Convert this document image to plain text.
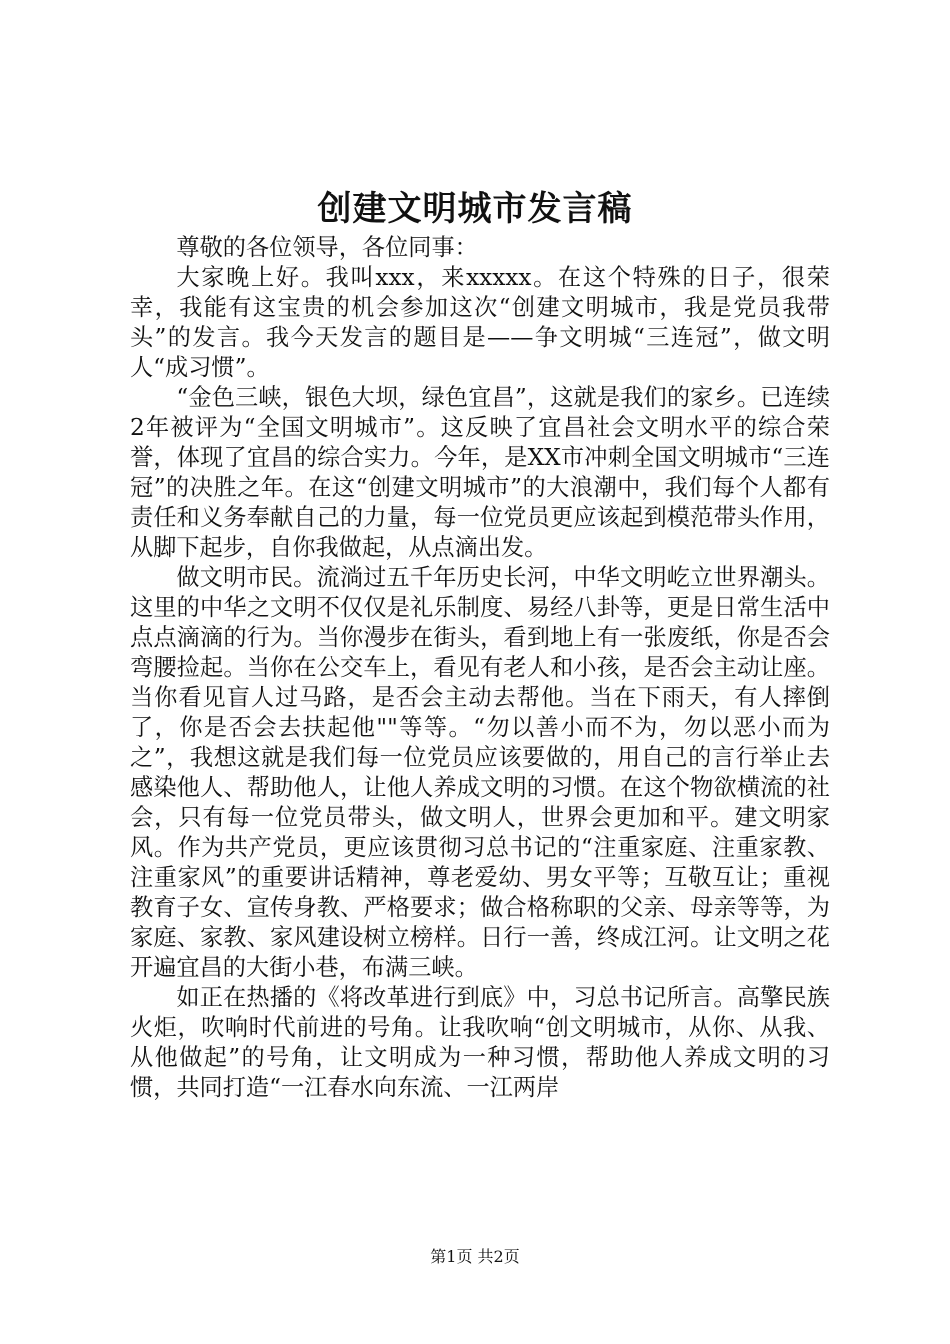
创建文明城市发言稿

尊敬的各位领导，各位同事：

大家晚上好。我叫xxx，来xxxxx。在这个特殊的日子，很荣幸，我能有这宝贵的机会参加这次“创建文明城市，我是党员我带头”的发言。我今天发言的题目是——争文明城“三连冠”，做文明人“成习惯”。

“金色三峡，银色大坝，绿色宜昌”，这就是我们的家乡。已连续2年被评为“全国文明城市”。这反映了宜昌社会文明水平的综合荣誉，体现了宜昌的综合实力。今年，是XX市冲刺全国文明城市“三连冠”的决胜之年。在这“创建文明城市”的大浪潮中，我们每个人都有责任和义务奉献自己的力量，每一位党员更应该起到模范带头作用，从脚下起步，自你我做起，从点滴出发。

做文明市民。流淌过五千年历史长河，中华文明屹立世界潮头。这里的中华之文明不仅仅是礼乐制度、易经八卦等，更是日常生活中点点滴滴的行为。当你漫步在街头，看到地上有一张废纸，你是否会弯腰捡起。当你在公交车上，看见有老人和小孩，是否会主动让座。当你看见盲人过马路，是否会主动去帮他。当在下雨天，有人摔倒了，你是否会去扶起他""等等。“勿以善小而不为，勿以恶小而为之”，我想这就是我们每一位党员应该要做的，用自己的言行举止去感染他人、帮助他人，让他人养成文明的习惯。在这个物欲横流的社会，只有每一位党员带头，做文明人，世界会更加和平。建文明家风。作为共产党员，更应该贯彻习总书记的“注重家庭、注重家教、注重家风”的重要讲话精神，尊老爱幼、男女平等；互敬互让；重视教育子女、宣传身教、严格要求；做合格称职的父亲、母亲等等，为家庭、家教、家风建设树立榜样。日行一善，终成江河。让文明之花开遍宜昌的大街小巷，布满三峡。

如正在热播的《将改革进行到底》中，习总书记所言。高擎民族火炬，吹响时代前进的号角。让我吹响“创文明城市，从你、从我、从他做起”的号角，让文明成为一种习惯，帮助他人养成文明的习惯，共同打造“一江春水向东流、一江两岸

第1页 共2页
